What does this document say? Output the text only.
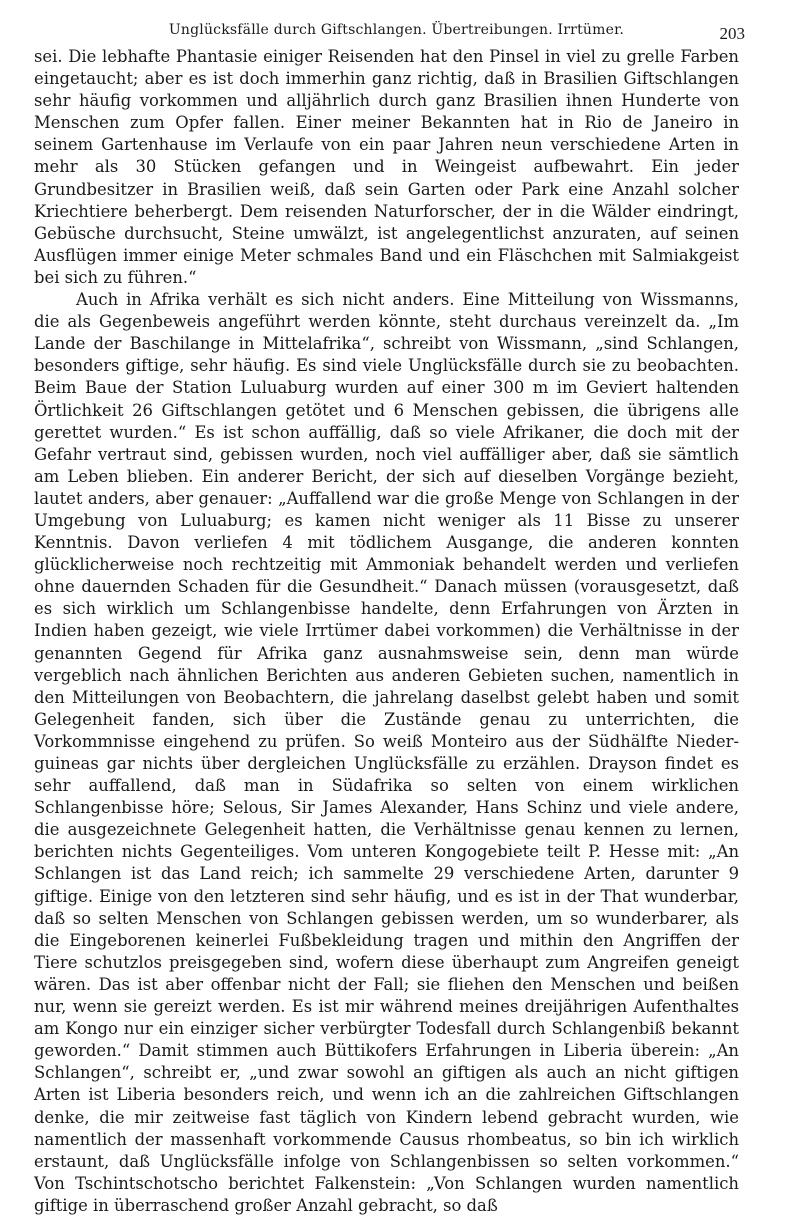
Unglücksfälle durch Giftschlangen. Übertreibungen. Irrtümer.	203

sei. Die lebhafte Phantasie einiger Reisenden hat den Pinsel in viel zu grelle Farben eingetaucht; aber es ist doch immerhin ganz richtig, daß in Brasilien Giftschlangen sehr häufig vorkommen und alljährlich durch ganz Brasilien ihnen Hunderte von Menschen zum Opfer fallen. Einer meiner Bekannten hat in Rio de Janeiro in seinem Gartenhause im Verlaufe von ein paar Jahren neun verschiedene Arten in mehr als 30 Stücken gefangen und in Weingeist aufbewahrt. Ein jeder Grundbesitzer in Brasilien weiß, daß sein Garten oder Park eine Anzahl solcher Kriechtiere beherbergt. Dem reisenden Naturforscher, der in die Wälder eindringt, Gebüsche durchsucht, Steine umwälzt, ist angelegentlichst anzuraten, auf seinen Ausflügen immer einige Meter schmales Band und ein Fläschchen mit Salmiakgeist bei sich zu führen.“

Auch in Afrika verhält es sich nicht anders. Eine Mitteilung von Wissmanns, die als Gegenbeweis angeführt werden könnte, steht durchaus vereinzelt da. „Im Lande der Baschilange in Mittelafrika“, schreibt von Wissmann, „sind Schlangen, besonders giftige, sehr häufig. Es sind viele Unglücksfälle durch sie zu beobachten. Beim Baue der Station Luluaburg wurden auf einer 300 m im Geviert haltenden Örtlichkeit 26 Giftschlangen getötet und 6 Menschen gebissen, die übrigens alle gerettet wurden.“ Es ist schon auffällig, daß so viele Afrikaner, die doch mit der Gefahr vertraut sind, gebissen wurden, noch viel auffälliger aber, daß sie sämtlich am Leben blieben. Ein anderer Bericht, der sich auf dieselben Vorgänge bezieht, lautet anders, aber genauer: „Auffallend war die große Menge von Schlangen in der Umgebung von Luluaburg; es kamen nicht weniger als 11 Bisse zu unserer Kenntnis. Davon verliefen 4 mit tödlichem Ausgange, die anderen konnten glücklicherweise noch rechtzeitig mit Ammoniak behandelt werden und verliefen ohne dauernden Schaden für die Gesundheit.“ Danach müssen (vorausgesetzt, daß es sich wirklich um Schlangenbisse handelte, denn Erfahrungen von Ärzten in Indien haben gezeigt, wie viele Irrtümer dabei vorkommen) die Verhältnisse in der genannten Gegend für Afrika ganz ausnahmsweise sein, denn man würde vergeblich nach ähnlichen Berichten aus anderen Gebieten suchen, namentlich in den Mitteilungen von Beobachtern, die jahrelang daselbst gelebt haben und somit Gelegenheit fanden, sich über die Zustände genau zu unterrichten, die Vorkommnisse eingehend zu prüfen. So weiß Monteiro aus der Südhälfte Niederguineas gar nichts über dergleichen Unglücksfälle zu erzählen. Drayson findet es sehr auffallend, daß man in Südafrika so selten von einem wirklichen Schlangenbisse höre; Selous, Sir James Alexander, Hans Schinz und viele andere, die ausgezeichnete Gelegenheit hatten, die Verhältnisse genau kennen zu lernen, berichten nichts Gegenteiliges. Vom unteren Kongogebiete teilt P. Hesse mit: „An Schlangen ist das Land reich; ich sammelte 29 verschiedene Arten, darunter 9 giftige. Einige von den letzteren sind sehr häufig, und es ist in der That wunderbar, daß so selten Menschen von Schlangen gebissen werden, um so wunderbarer, als die Eingeborenen keinerlei Fußbekleidung tragen und mithin den Angriffen der Tiere schutzlos preisgegeben sind, wofern diese überhaupt zum Angreifen geneigt wären. Das ist aber offenbar nicht der Fall; sie fliehen den Menschen und beißen nur, wenn sie gereizt werden. Es ist mir während meines dreijährigen Aufenthaltes am Kongo nur ein einziger sicher verbürgter Todesfall durch Schlangenbiß bekannt geworden.“ Damit stimmen auch Büttikofers Erfahrungen in Liberia überein: „An Schlangen“, schreibt er, „und zwar sowohl an giftigen als auch an nicht giftigen Arten ist Liberia besonders reich, und wenn ich an die zahlreichen Giftschlangen denke, die mir zeitweise fast täglich von Kindern lebend gebracht wurden, wie namentlich der massenhaft vorkommende Causus rhombeatus, so bin ich wirklich erstaunt, daß Unglücksfälle infolge von Schlangenbissen so selten vorkommen.“ Von Tschintschotscho berichtet Falkenstein: „Von Schlangen wurden namentlich giftige in überraschend großer Anzahl gebracht, so daß
